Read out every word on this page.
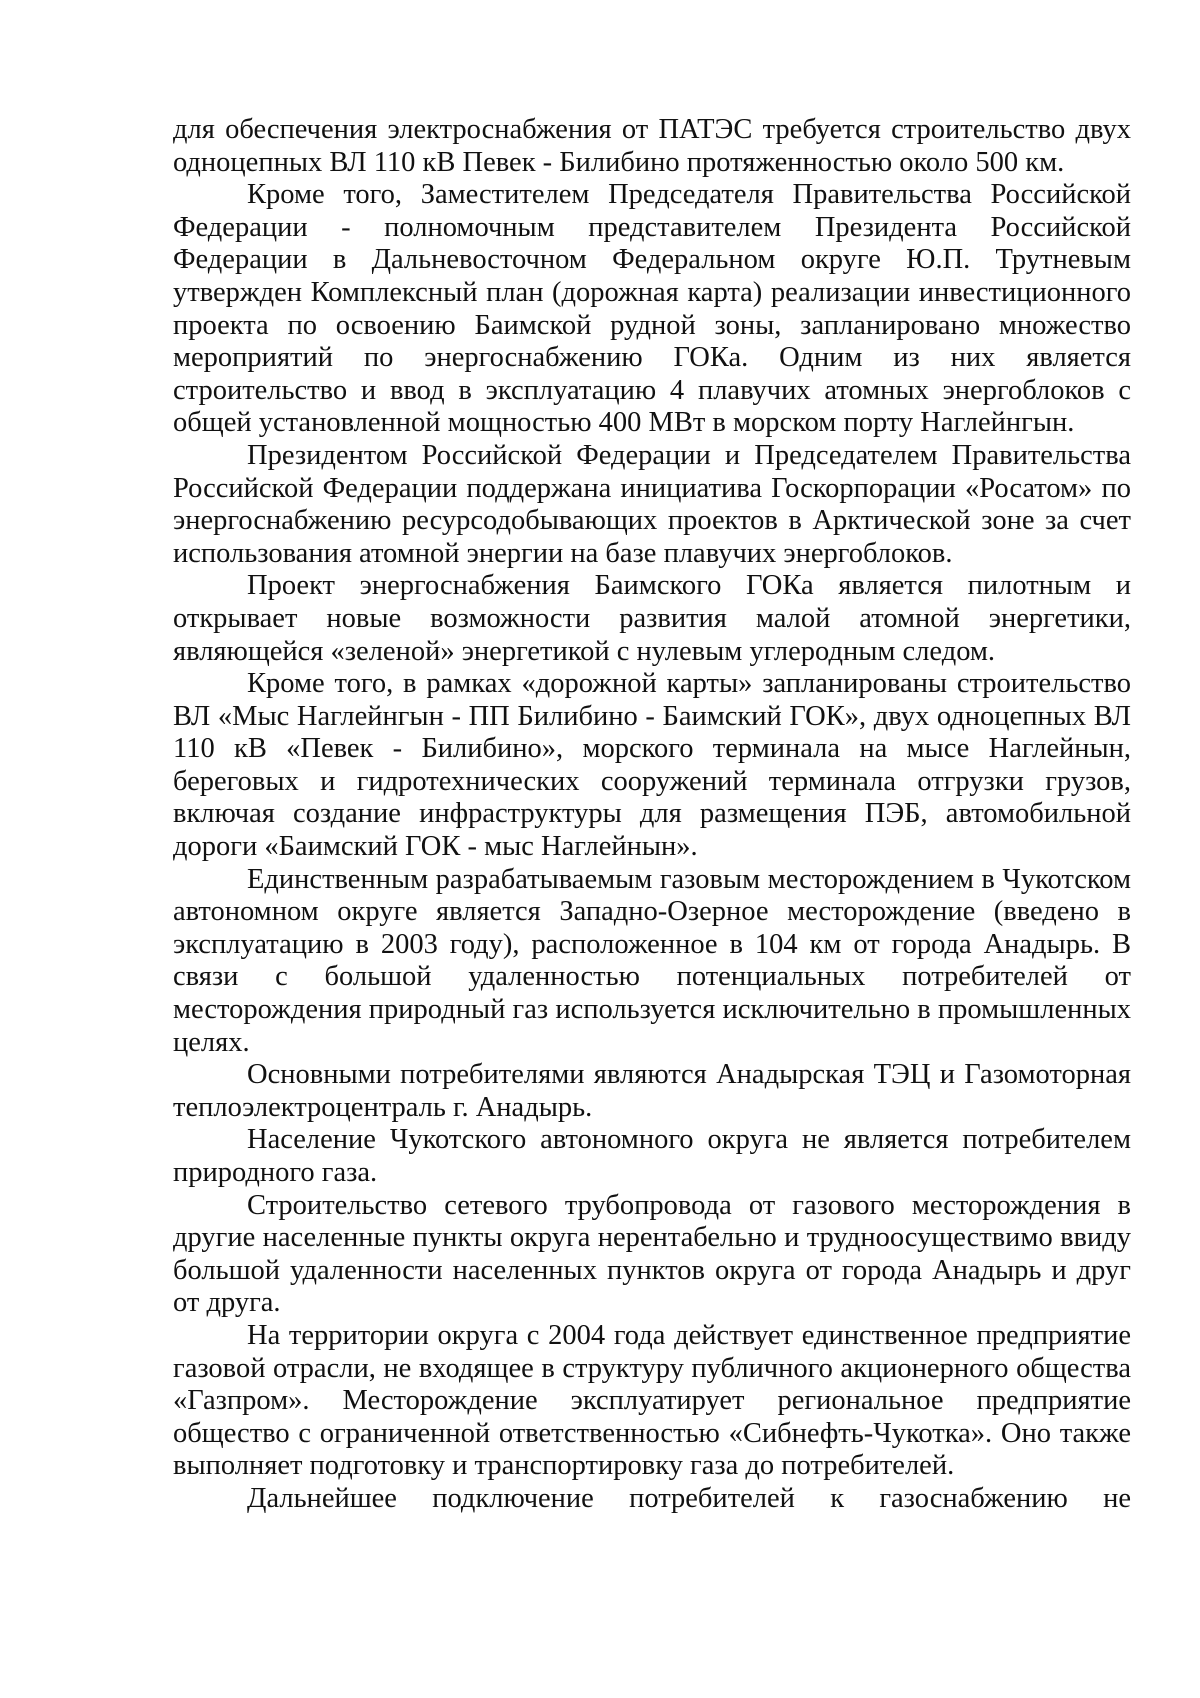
для обеспечения электроснабжения от ПАТЭС требуется строительство двух одноцепных ВЛ 110 кВ Певек - Билибино протяженностью около 500 км.

Кроме того, Заместителем Председателя Правительства Российской Федерации - полномочным представителем Президента Российской Федерации в Дальневосточном Федеральном округе Ю.П. Трутневым утвержден Комплексный план (дорожная карта) реализации инвестиционного проекта по освоению Баимской рудной зоны, запланировано множество мероприятий по энергоснабжению ГОКа. Одним из них является строительство и ввод в эксплуатацию 4 плавучих атомных энергоблоков с общей установленной мощностью 400 МВт в морском порту Наглейнгын.

Президентом Российской Федерации и Председателем Правительства Российской Федерации поддержана инициатива Госкорпорации «Росатом» по энергоснабжению ресурсодобывающих проектов в Арктической зоне за счет использования атомной энергии на базе плавучих энергоблоков.

Проект энергоснабжения Баимского ГОКа является пилотным и открывает новые возможности развития малой атомной энергетики, являющейся «зеленой» энергетикой с нулевым углеродным следом.

Кроме того, в рамках «дорожной карты» запланированы строительство ВЛ «Мыс Наглейнгын - ПП Билибино - Баимский ГОК», двух одноцепных ВЛ 110 кВ «Певек - Билибино», морского терминала на мысе Наглейнын, береговых и гидротехнических сооружений терминала отгрузки грузов, включая создание инфраструктуры для размещения ПЭБ, автомобильной дороги «Баимский ГОК - мыс Наглейнын».

Единственным разрабатываемым газовым месторождением в Чукотском автономном округе является Западно-Озерное месторождение (введено в эксплуатацию в 2003 году), расположенное в 104 км от города Анадырь. В связи с большой удаленностью потенциальных потребителей от месторождения природный газ используется исключительно в промышленных целях.

Основными потребителями являются Анадырская ТЭЦ и Газомоторная теплоэлектроцентраль г. Анадырь.

Население Чукотского автономного округа не является потребителем природного газа.

Строительство сетевого трубопровода от газового месторождения в другие населенные пункты округа нерентабельно и трудноосуществимо ввиду большой удаленности населенных пунктов округа от города Анадырь и друг от друга.

На территории округа с 2004 года действует единственное предприятие газовой отрасли, не входящее в структуру публичного акционерного общества «Газпром». Месторождение эксплуатирует региональное предприятие общество с ограниченной ответственностью «Сибнефть-Чукотка». Оно также выполняет подготовку и транспортировку газа до потребителей.

Дальнейшее подключение потребителей к газоснабжению не
